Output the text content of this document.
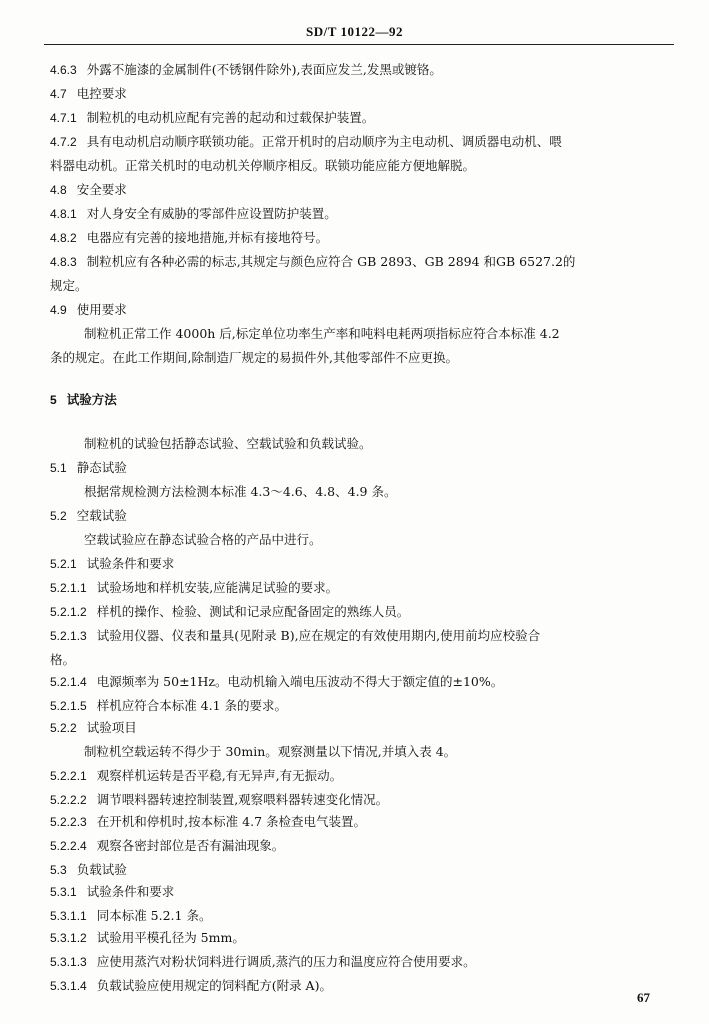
SD/T 10122—92
4.6.3 外露不施漆的金属制件(不锈钢件除外),表面应发兰,发黑或镀铬。
4.7 电控要求
4.7.1 制粒机的电动机应配有完善的起动和过载保护装置。
4.7.2 具有电动机启动顺序联锁功能。正常开机时的启动顺序为主电动机、调质器电动机、喂
料器电动机。正常关机时的电动机关停顺序相反。联锁功能应能方便地解脱。
4.8 安全要求
4.8.1 对人身安全有威胁的零部件应设置防护装置。
4.8.2 电器应有完善的接地措施,并标有接地符号。
4.8.3 制粒机应有各种必需的标志,其规定与颜色应符合 GB 2893、GB 2894 和GB 6527.2的
规定。
4.9 使用要求
制粒机正常工作 4000h 后,标定单位功率生产率和吨料电耗两项指标应符合本标准 4.2
条的规定。在此工作期间,除制造厂规定的易损件外,其他零部件不应更换。
5 试验方法
制粒机的试验包括静态试验、空载试验和负载试验。
5.1 静态试验
根据常规检测方法检测本标准 4.3～4.6、4.8、4.9 条。
5.2 空载试验
空载试验应在静态试验合格的产品中进行。
5.2.1 试验条件和要求
5.2.1.1 试验场地和样机安装,应能满足试验的要求。
5.2.1.2 样机的操作、检验、测试和记录应配备固定的熟练人员。
5.2.1.3 试验用仪器、仪表和量具(见附录 B),应在规定的有效使用期内,使用前均应校验合
格。
5.2.1.4 电源频率为 50±1Hz。电动机输入端电压波动不得大于额定值的±10%。
5.2.1.5 样机应符合本标准 4.1 条的要求。
5.2.2 试验项目
制粒机空载运转不得少于 30min。观察测量以下情况,并填入表 4。
5.2.2.1 观察样机运转是否平稳,有无异声,有无振动。
5.2.2.2 调节喂料器转速控制装置,观察喂料器转速变化情况。
5.2.2.3 在开机和停机时,按本标准 4.7 条检查电气装置。
5.2.2.4 观察各密封部位是否有漏油现象。
5.3 负载试验
5.3.1 试验条件和要求
5.3.1.1 同本标准 5.2.1 条。
5.3.1.2 试验用平模孔径为 5mm。
5.3.1.3 应使用蒸汽对粉状饲料进行调质,蒸汽的压力和温度应符合使用要求。
5.3.1.4 负载试验应使用规定的饲料配方(附录 A)。
67
